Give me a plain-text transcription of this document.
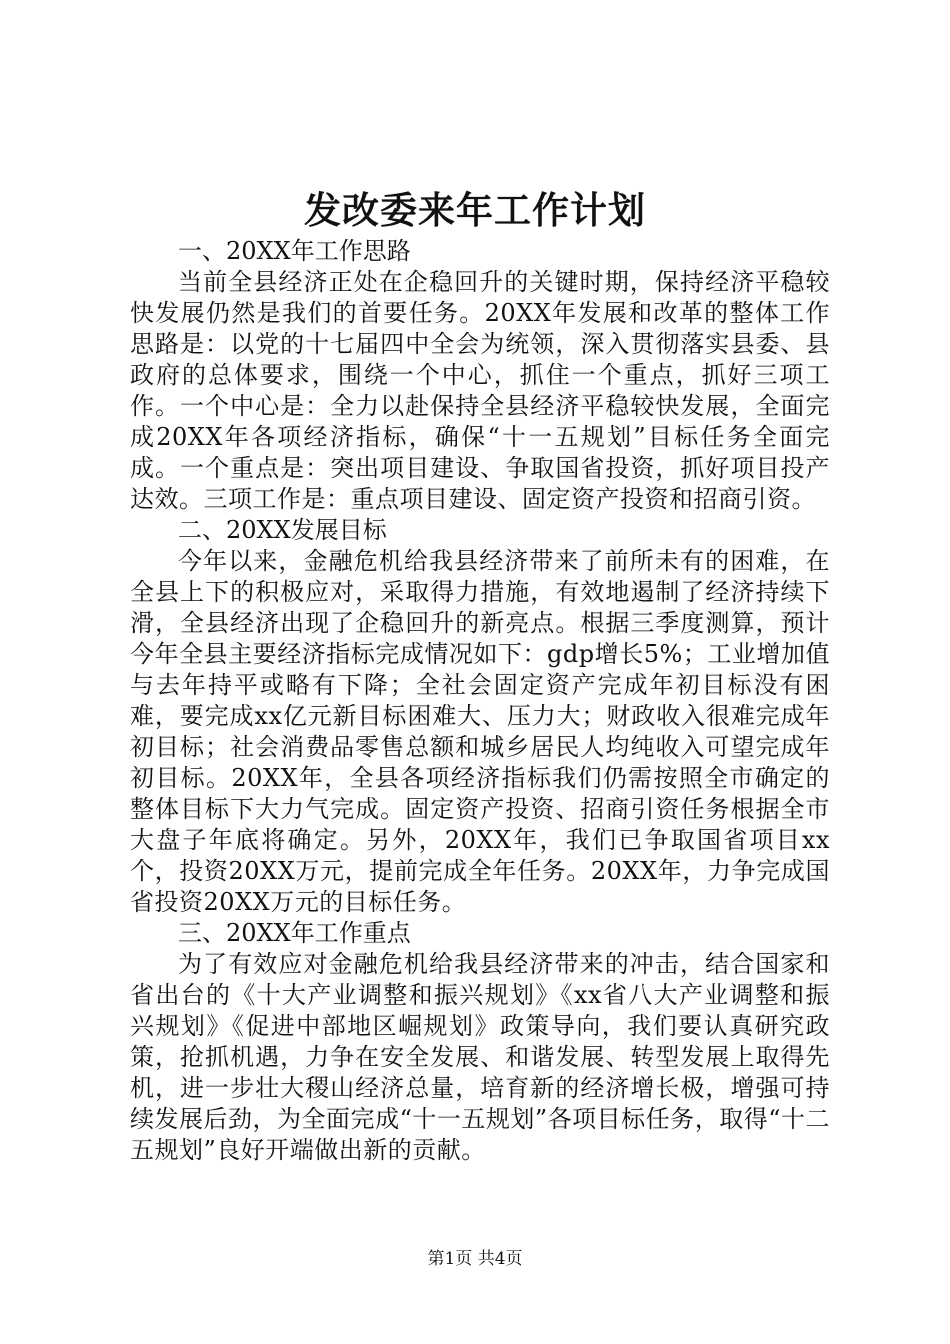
发改委来年工作计划

一、20XX年工作思路

当前全县经济正处在企稳回升的关键时期，保持经济平稳较快发展仍然是我们的首要任务。20XX年发展和改革的整体工作思路是：以党的十七届四中全会为统领，深入贯彻落实县委、县政府的总体要求，围绕一个中心，抓住一个重点，抓好三项工作。一个中心是：全力以赴保持全县经济平稳较快发展，全面完成20XX年各项经济指标，确保“十一五规划”目标任务全面完成。一个重点是：突出项目建设、争取国省投资，抓好项目投产达效。三项工作是：重点项目建设、固定资产投资和招商引资。

二、20XX发展目标

今年以来，金融危机给我县经济带来了前所未有的困难，在全县上下的积极应对，采取得力措施，有效地遏制了经济持续下滑，全县经济出现了企稳回升的新亮点。根据三季度测算，预计今年全县主要经济指标完成情况如下：gdp增长5%；工业增加值与去年持平或略有下降；全社会固定资产完成年初目标没有困难，要完成xx亿元新目标困难大、压力大；财政收入很难完成年初目标；社会消费品零售总额和城乡居民人均纯收入可望完成年初目标。20XX年，全县各项经济指标我们仍需按照全市确定的整体目标下大力气完成。固定资产投资、招商引资任务根据全市大盘子年底将确定。另外，20XX年，我们已争取国省项目xx个，投资20XX万元，提前完成全年任务。20XX年，力争完成国省投资20XX万元的目标任务。

三、20XX年工作重点

为了有效应对金融危机给我县经济带来的冲击，结合国家和省出台的《十大产业调整和振兴规划》《xx省八大产业调整和振兴规划》《促进中部地区崛规划》政策导向，我们要认真研究政策，抢抓机遇，力争在安全发展、和谐发展、转型发展上取得先机，进一步壮大稷山经济总量，培育新的经济增长极，增强可持续发展后劲，为全面完成“十一五规划”各项目标任务，取得“十二五规划”良好开端做出新的贡献。

第1页 共4页
